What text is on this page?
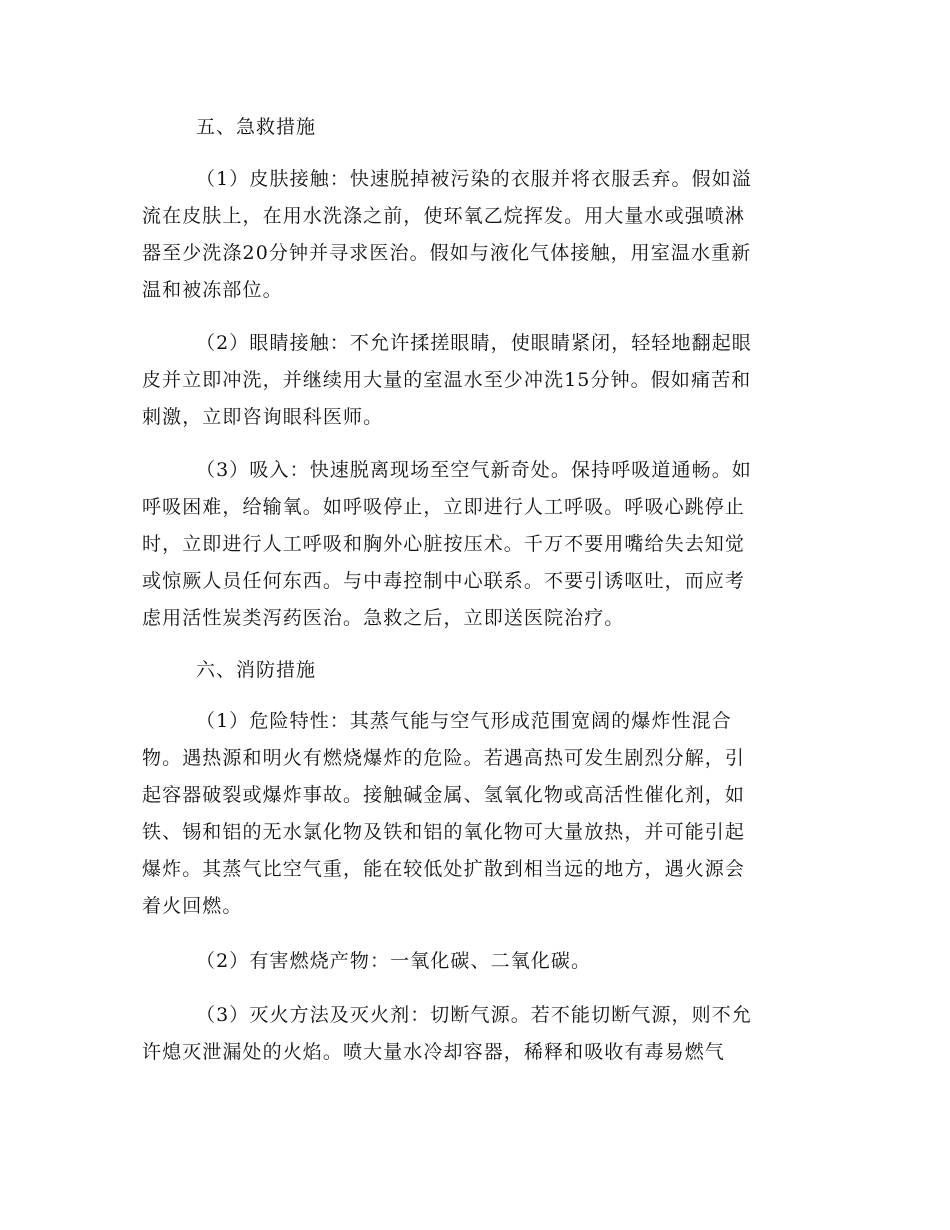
五、急救措施
（1）皮肤接触：快速脱掉被污染的衣服并将衣服丢弃。假如溢
流在皮肤上，在用水洗涤之前，使环氧乙烷挥发。用大量水或强喷淋
器至少洗涤20分钟并寻求医治。假如与液化气体接触，用室温水重新
温和被冻部位。
（2）眼睛接触：不允许揉搓眼睛，使眼睛紧闭，轻轻地翻起眼
皮并立即冲洗，并继续用大量的室温水至少冲洗15分钟。假如痛苦和
刺激，立即咨询眼科医师。
（3）吸入：快速脱离现场至空气新奇处。保持呼吸道通畅。如
呼吸困难，给输氧。如呼吸停止，立即进行人工呼吸。呼吸心跳停止
时，立即进行人工呼吸和胸外心脏按压术。千万不要用嘴给失去知觉
或惊厥人员任何东西。与中毒控制中心联系。不要引诱呕吐，而应考
虑用活性炭类泻药医治。急救之后，立即送医院治疗。
六、消防措施
（1）危险特性：其蒸气能与空气形成范围宽阔的爆炸性混合
物。遇热源和明火有燃烧爆炸的危险。若遇高热可发生剧烈分解，引
起容器破裂或爆炸事故。接触碱金属、氢氧化物或高活性催化剂，如
铁、锡和铝的无水氯化物及铁和铝的氧化物可大量放热，并可能引起
爆炸。其蒸气比空气重，能在较低处扩散到相当远的地方，遇火源会
着火回燃。
（2）有害燃烧产物：一氧化碳、二氧化碳。
（3）灭火方法及灭火剂：切断气源。若不能切断气源，则不允
许熄灭泄漏处的火焰。喷大量水冷却容器，稀释和吸收有毒易燃气
